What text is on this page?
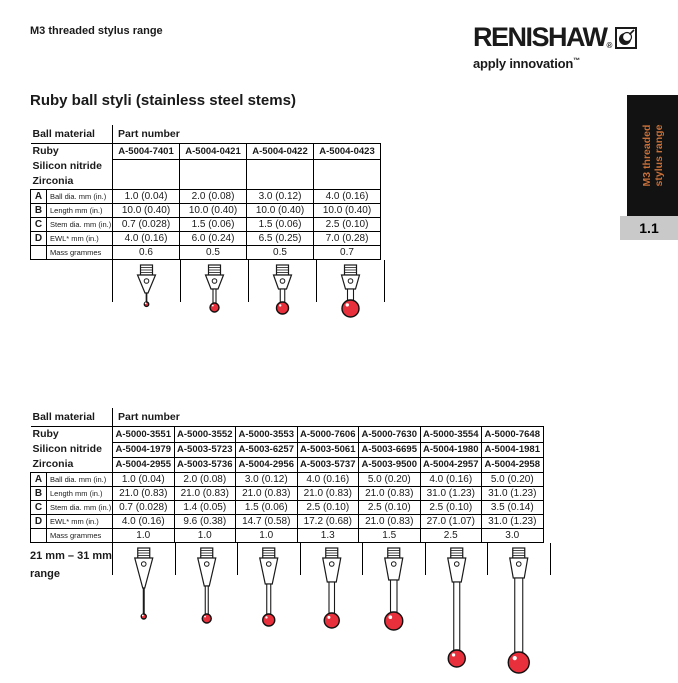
M3 threaded stylus range	RENISHAW ®
apply innovation™
M3 threaded stylus range
1.1
Ruby ball styli (stainless steel stems)
Ball material		Part number			
Ruby		A-5004-7401	A-5004-0421	A-5004-0422	A-5004-0423
Silicon nitride					
Zirconia					
A	Ball dia. mm (in.)	1.0 (0.04)	2.0 (0.08)	3.0 (0.12)	4.0 (0.16)
B	Length mm (in.)	10.0 (0.40)	10.0 (0.40)	10.0 (0.40)	10.0 (0.40)
C	Stem dia. mm (in.)	0.7 (0.028)	1.5 (0.06)	1.5 (0.06)	2.5 (0.10)
D	EWL* mm (in.)	4.0 (0.16)	6.0 (0.24)	6.5 (0.25)	7.0 (0.28)
	Mass grammes	0.6	0.5	0.5	0.7
Ball material		Part number						
Ruby		A-5000-3551	A-5000-3552	A-5000-3553	A-5000-7606	A-5000-7630	A-5000-3554	A-5000-7648
Silicon nitride		A-5004-1979	A-5003-5723	A-5003-6257	A-5003-5061	A-5003-6695	A-5004-1980	A-5004-1981
Zirconia		A-5004-2955	A-5003-5736	A-5004-2956	A-5003-5737	A-5003-9500	A-5004-2957	A-5004-2958
A	Ball dia. mm (in.)	1.0 (0.04)	2.0 (0.08)	3.0 (0.12)	4.0 (0.16)	5.0 (0.20)	4.0 (0.16)	5.0 (0.20)
B	Length mm (in.)	21.0 (0.83)	21.0 (0.83)	21.0 (0.83)	21.0 (0.83)	21.0 (0.83)	31.0 (1.23)	31.0 (1.23)
C	Stem dia. mm (in.)	0.7 (0.028)	1.4 (0.05)	1.5 (0.06)	2.5 (0.10)	2.5 (0.10)	2.5 (0.10)	3.5 (0.14)
D	EWL* mm (in.)	4.0 (0.16)	9.6 (0.38)	14.7 (0.58)	17.2 (0.68)	21.0 (0.83)	27.0 (1.07)	31.0 (1.23)
	Mass grammes	1.0	1.0	1.0	1.3	1.5	2.5	3.0
21 mm – 31 mm
range
